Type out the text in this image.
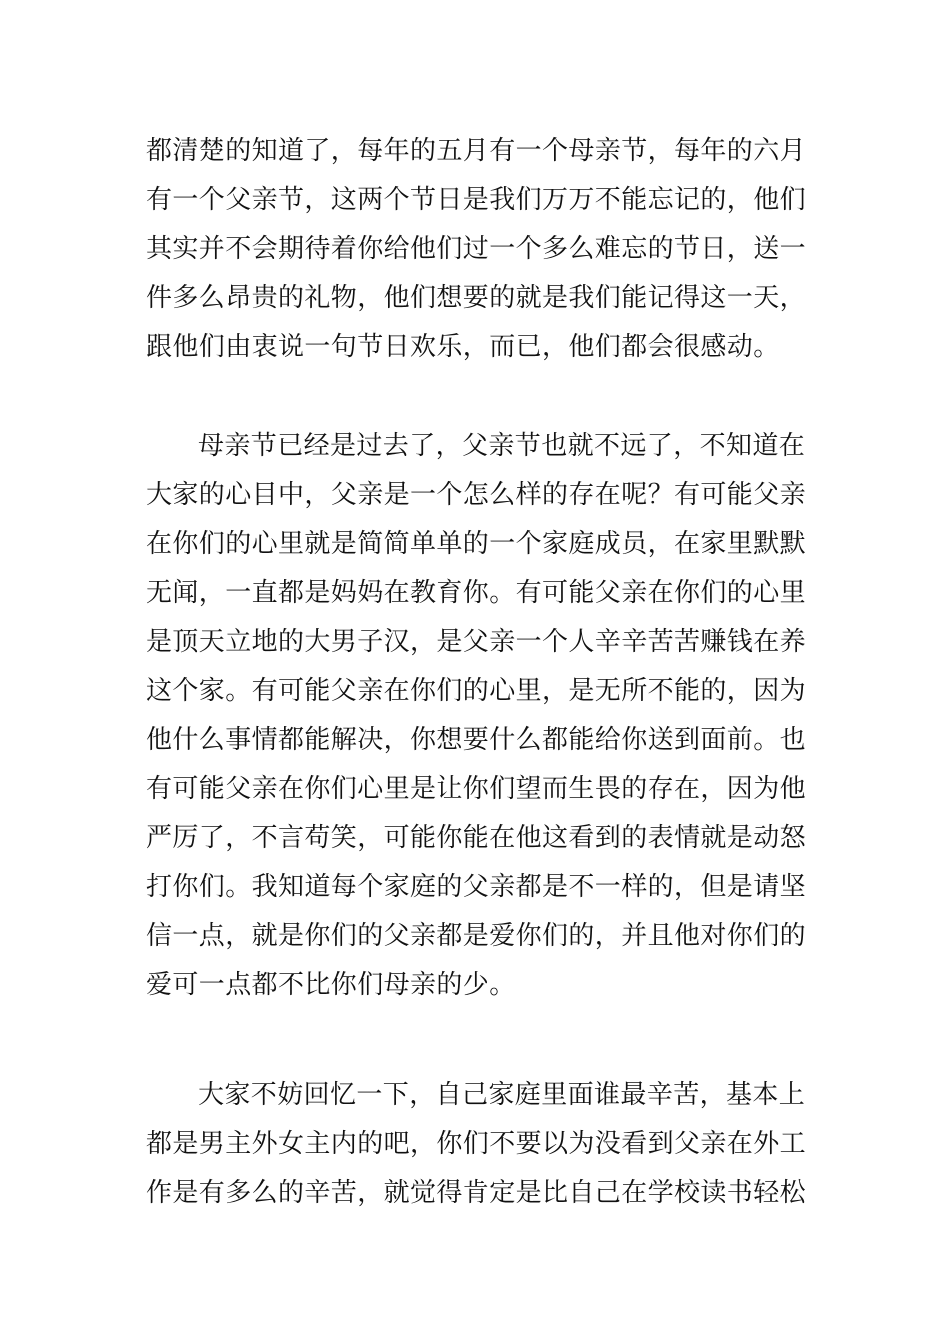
都清楚的知道了，每年的五月有一个母亲节，每年的六月
有一个父亲节，这两个节日是我们万万不能忘记的，他们
其实并不会期待着你给他们过一个多么难忘的节日，送一
件多么昂贵的礼物，他们想要的就是我们能记得这一天，
跟他们由衷说一句节日欢乐，而已，他们都会很感动。
母亲节已经是过去了，父亲节也就不远了，不知道在
大家的心目中，父亲是一个怎么样的存在呢？有可能父亲
在你们的心里就是简简单单的一个家庭成员，在家里默默
无闻，一直都是妈妈在教育你。有可能父亲在你们的心里
是顶天立地的大男子汉，是父亲一个人辛辛苦苦赚钱在养
这个家。有可能父亲在你们的心里，是无所不能的，因为
他什么事情都能解决，你想要什么都能给你送到面前。也
有可能父亲在你们心里是让你们望而生畏的存在，因为他
严厉了，不言苟笑，可能你能在他这看到的表情就是动怒
打你们。我知道每个家庭的父亲都是不一样的，但是请坚
信一点，就是你们的父亲都是爱你们的，并且他对你们的
爱可一点都不比你们母亲的少。
大家不妨回忆一下，自己家庭里面谁最辛苦，基本上
都是男主外女主内的吧，你们不要以为没看到父亲在外工
作是有多么的辛苦，就觉得肯定是比自己在学校读书轻松
